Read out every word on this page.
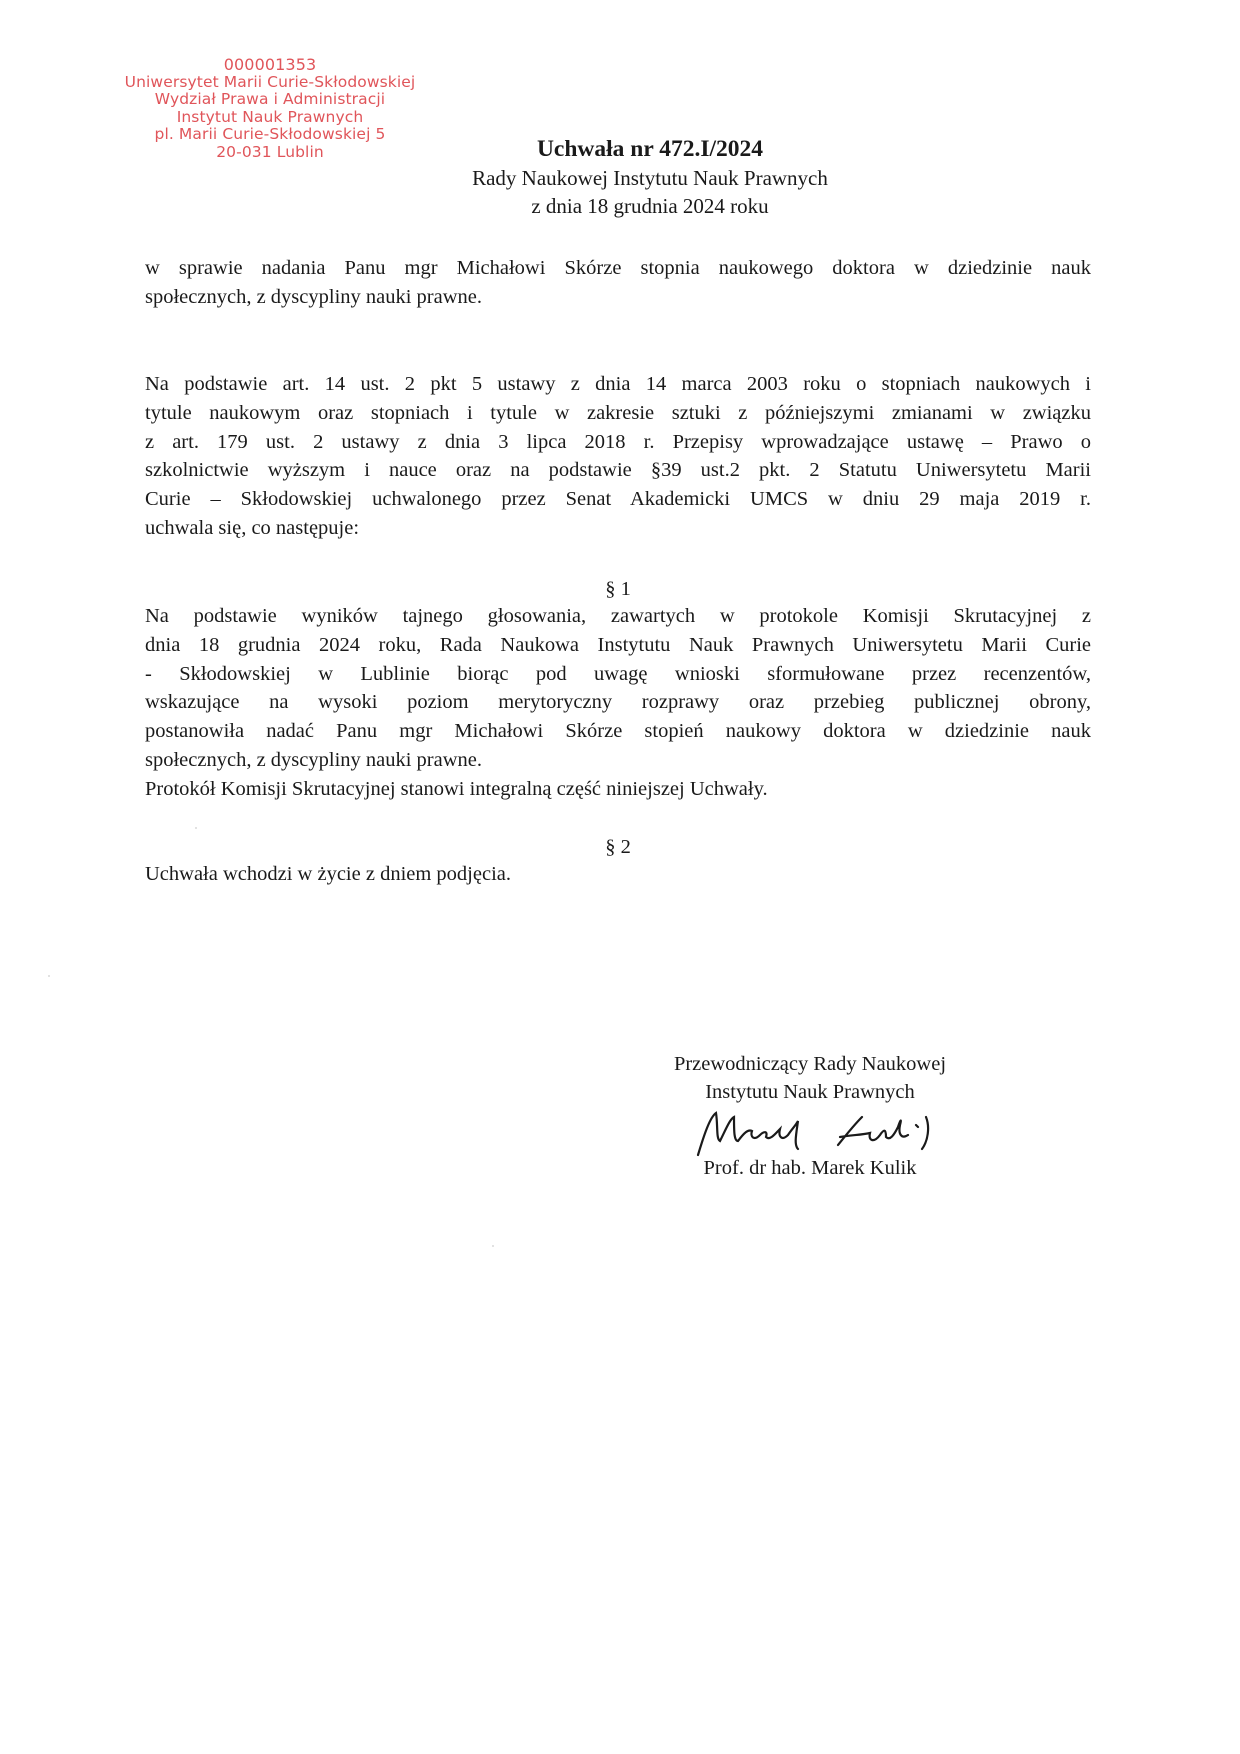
000001353
Uniwersytet Marii Curie-Skłodowskiej
Wydział Prawa i Administracji
Instytut Nauk Prawnych
pl. Marii Curie-Skłodowskiej 5
20-031 Lublin	Uchwała nr 472.I/2024
Rady Naukowej Instytutu Nauk Prawnych
z dnia 18 grudnia 2024 roku
w sprawie nadania Panu mgr Michałowi Skórze stopnia naukowego doktora w dziedzinie nauk
społecznych, z dyscypliny nauki prawne.
Na podstawie art. 14 ust. 2 pkt 5 ustawy z dnia 14 marca 2003 roku o stopniach naukowych i
tytule naukowym oraz stopniach i tytule w zakresie sztuki z późniejszymi zmianami w związku
z art. 179 ust. 2 ustawy z dnia 3 lipca 2018 r. Przepisy wprowadzające ustawę – Prawo o
szkolnictwie wyższym i nauce oraz na podstawie §39 ust.2 pkt. 2 Statutu Uniwersytetu Marii
Curie – Skłodowskiej uchwalonego przez Senat Akademicki UMCS w dniu 29 maja 2019 r.
uchwala się, co następuje:
§ 1
Na podstawie wyników tajnego głosowania, zawartych w protokole Komisji Skrutacyjnej z
dnia 18 grudnia 2024 roku, Rada Naukowa Instytutu Nauk Prawnych Uniwersytetu Marii Curie
- Skłodowskiej w Lublinie biorąc pod uwagę wnioski sformułowane przez recenzentów,
wskazujące na wysoki poziom merytoryczny rozprawy oraz przebieg publicznej obrony,
postanowiła nadać Panu mgr Michałowi Skórze stopień naukowy doktora w dziedzinie nauk
społecznych, z dyscypliny nauki prawne.
Protokół Komisji Skrutacyjnej stanowi integralną część niniejszej Uchwały.
§ 2
Uchwała wchodzi w życie z dniem podjęcia.
Przewodniczący Rady Naukowej
Instytutu Nauk Prawnych
Prof. dr hab. Marek Kulik
